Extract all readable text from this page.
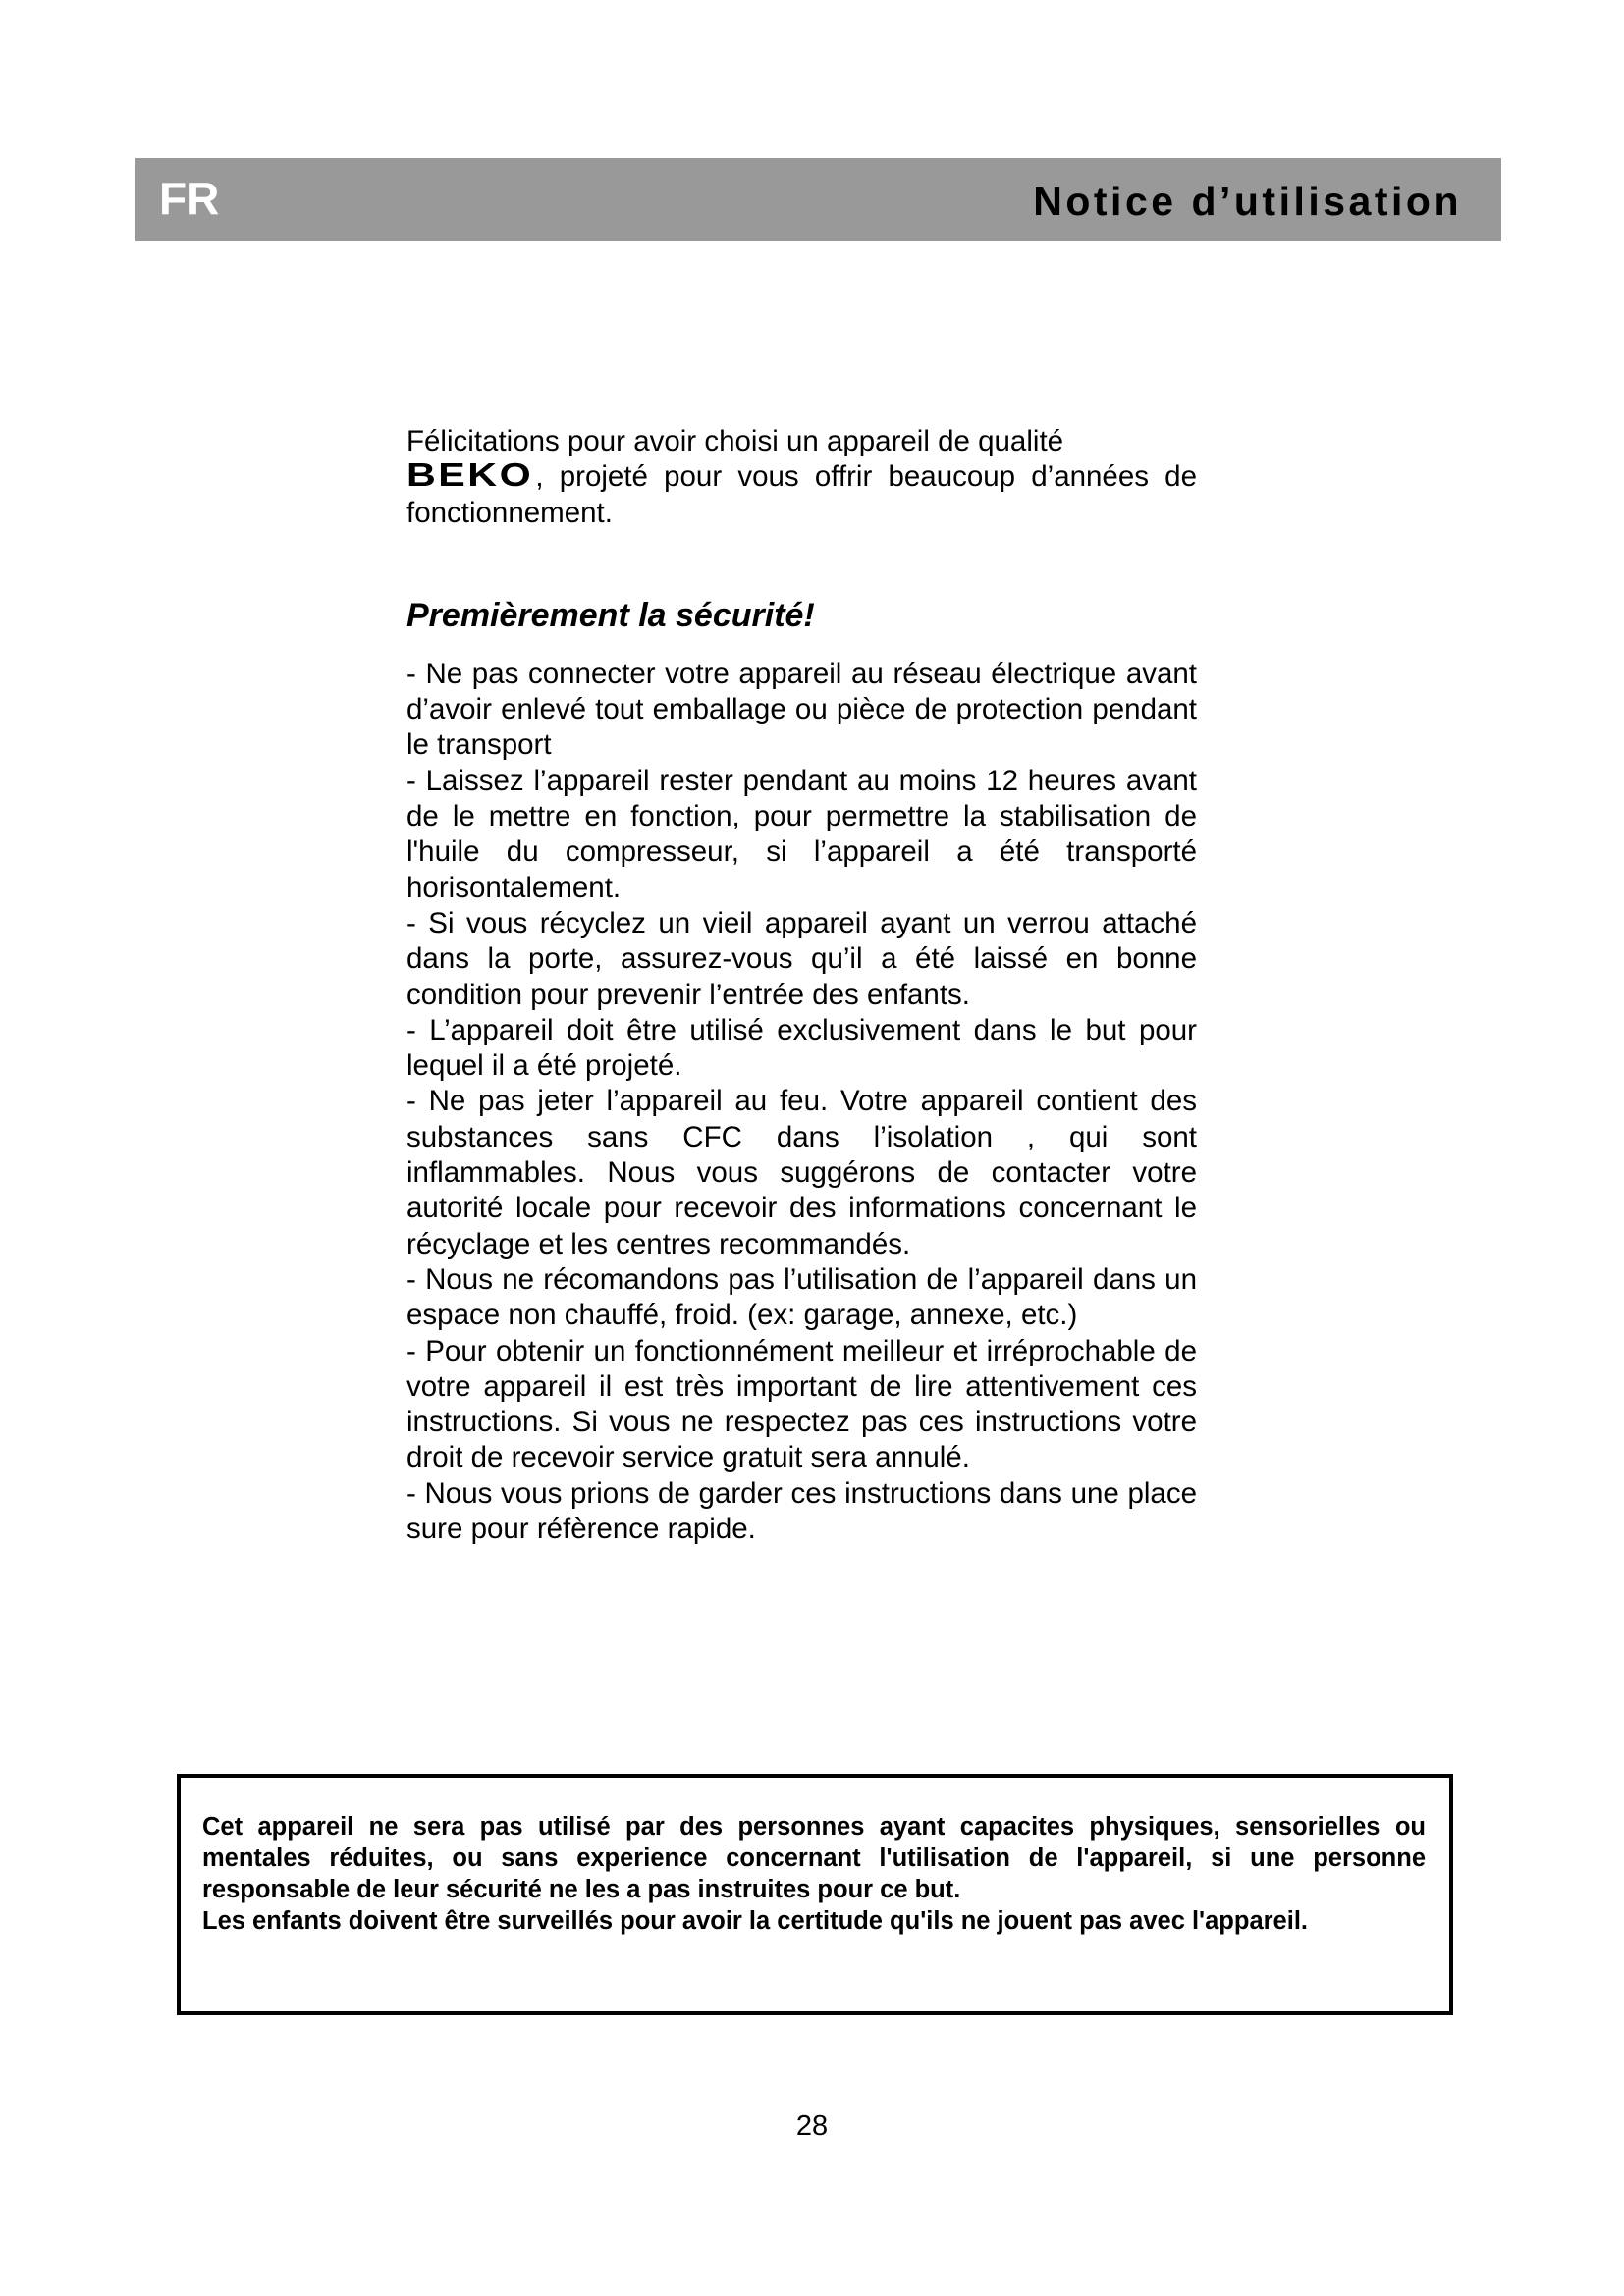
FR	Notice d’utilisation

Félicitations pour avoir choisi un appareil de qualité
BEKO, projeté pour vous offrir beaucoup d’années de fonctionnement.

Premièrement la sécurité!

- Ne pas connecter votre appareil au réseau électrique avant d’avoir enlevé tout emballage ou pièce de protection pendant le transport

- Laissez l’appareil rester pendant au moins 12 heures avant de le mettre en fonction, pour permettre la stabilisation de l'huile du compresseur, si l’appareil a été transporté horisontalement.

- Si vous récyclez un vieil appareil ayant un verrou attaché dans la porte, assurez-vous qu’il a été laissé en bonne condition pour prevenir l’entrée des enfants.

- L’appareil doit être utilisé exclusivement dans le but pour lequel il a été projeté.

- Ne pas jeter l’appareil au feu. Votre appareil contient des substances sans CFC dans l’isolation , qui sont inflammables. Nous vous suggérons de contacter votre autorité locale pour recevoir des informations concernant le récyclage et les centres recommandés.

- Nous ne récomandons pas l’utilisation de l’appareil dans un espace non chauffé, froid. (ex: garage, annexe, etc.)

- Pour obtenir un fonctionnément meilleur et irréprochable de votre appareil il est très important de lire attentivement ces instructions. Si vous ne respectez pas ces instructions votre droit de recevoir service gratuit sera annulé.

- Nous vous prions de garder ces instructions dans une place sure pour réfèrence rapide.

Cet appareil ne sera pas utilisé par des personnes ayant capacites physiques, sensorielles ou mentales réduites, ou sans experience concernant l'utilisation de l'appareil, si une personne responsable de leur sécurité ne les a pas instruites pour ce but.

Les enfants doivent être surveillés pour avoir la certitude qu'ils ne jouent pas avec l'appareil.

28
